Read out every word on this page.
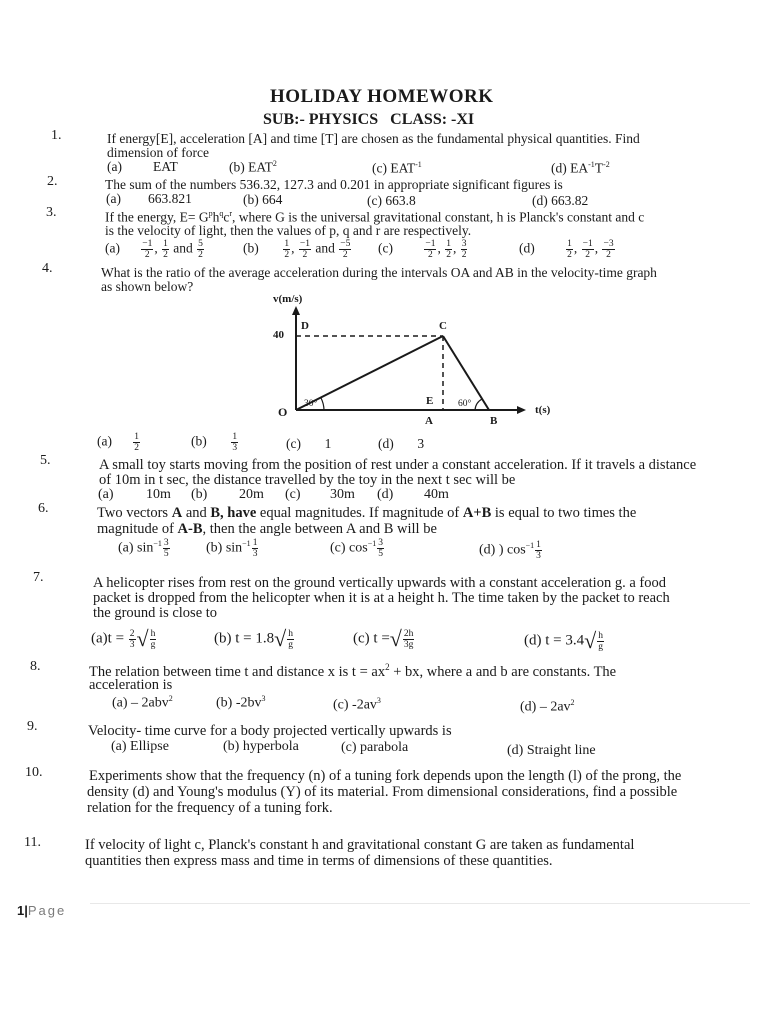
HOLIDAY HOMEWORK
SUB:- PHYSICS   CLASS: -XI
1.	If energy[E], acceleration [A] and time [T] are chosen as the fundamental physical quantities. Find
dimension of force
(a) EAT	(b) EAT$^2$	(c) $EAT^{-1}$	(d) $EA^{-1}T^{-2}$
2.	The sum of the numbers 536.32, 127.3 and 0.201 in appropriate significant figures is
(a) 663.821	(b) 664	(c) 663.8	(d) 663.82
3.	If the energy, $E= G^ph^qc^r$, where G is the universal gravitational constant, h is Planck's constant and c
is the velocity of light, then the values of p, q and r are respectively.
$(a) \frac{-1}{2}$ , $\frac{1}{2}$ and $\frac{5}{2}$	(b)	$\frac{1}{2}$ , $\frac{-1}{2}$ and $\frac{-5}{2} (c)$	$\frac{-1}{2}$ , $\frac{1}{2}$ , $\frac{3}{2}$	(d)	$\frac{1}{2}$ , $\frac{-1}{2}$ , $\frac{-3}{2}$
4.	What is the ratio of the average acceleration during the intervals OA and AB in the velocity-time graph
as shown below?
v(m/s)
t(s)
40
O
D	C
E
A	B
30°	60°
$(a) \frac{1}{2}$	(b)	$\frac{1}{3}$	(c) 1	(d) 3
5.	A small toy starts moving from the position of rest under a constant acceleration. If it travels a distance
of 10m in t sec, the distance travelled by the toy in the next t sec will be
(a) 10m (b) 20m (c) 30m (d) 40m
6.	Two vectors A and B, have equal magnitudes. If magnitude of A+B is equal to two times the
magnitude of A-B, then the angle between A and B will be
(a) $\sin^{-1} \frac{3}{5}$	(b) $\sin^{-1} \frac{1}{3}$	(c) $\cos^{-1} \frac{3}{5}$	(d) ) $\cos^{-1} \frac{1}{3}$
7.	A helicopter rises from rest on the ground vertically upwards with a constant acceleration g. a food
packet is dropped from the helicopter when it is at a height h. The time taken by the packet to reach
the ground is close to
$(a)t = \frac{2}{3}$ √ $\frac{h}{g}$	(b) $t = 1.8√ \frac{h}{g}$	(c) t =√ $\frac{2h}{3g}$	(d) $t = 3.4√ \frac{h}{g}$
8.	The relation between time t and distance x is $t = ax^2$ + bx, where a and b are constants. The
acceleration is
(a) – 2abv$^2$	(b) $-2bv^3$	(c) $-2av^3$	$(d) - 2av^2$
9.	Velocity- time curve for a body projected vertically upwards is
(a) Ellipse	(b) hyperbola	(c) parabola	(d) Straight line
10.	Experiments show that the frequency (n) of a tuning fork depends upon the length (l) of the prong, the
density (d) and Young's modulus (Y) of its material. From dimensional considerations, find a possible
relation for the frequency of a tuning fork.
11.	If velocity of light c, Planck's constant h and gravitational constant G are taken as fundamental
quantities then express mass and time in terms of dimensions of these quantities.
1|Page
